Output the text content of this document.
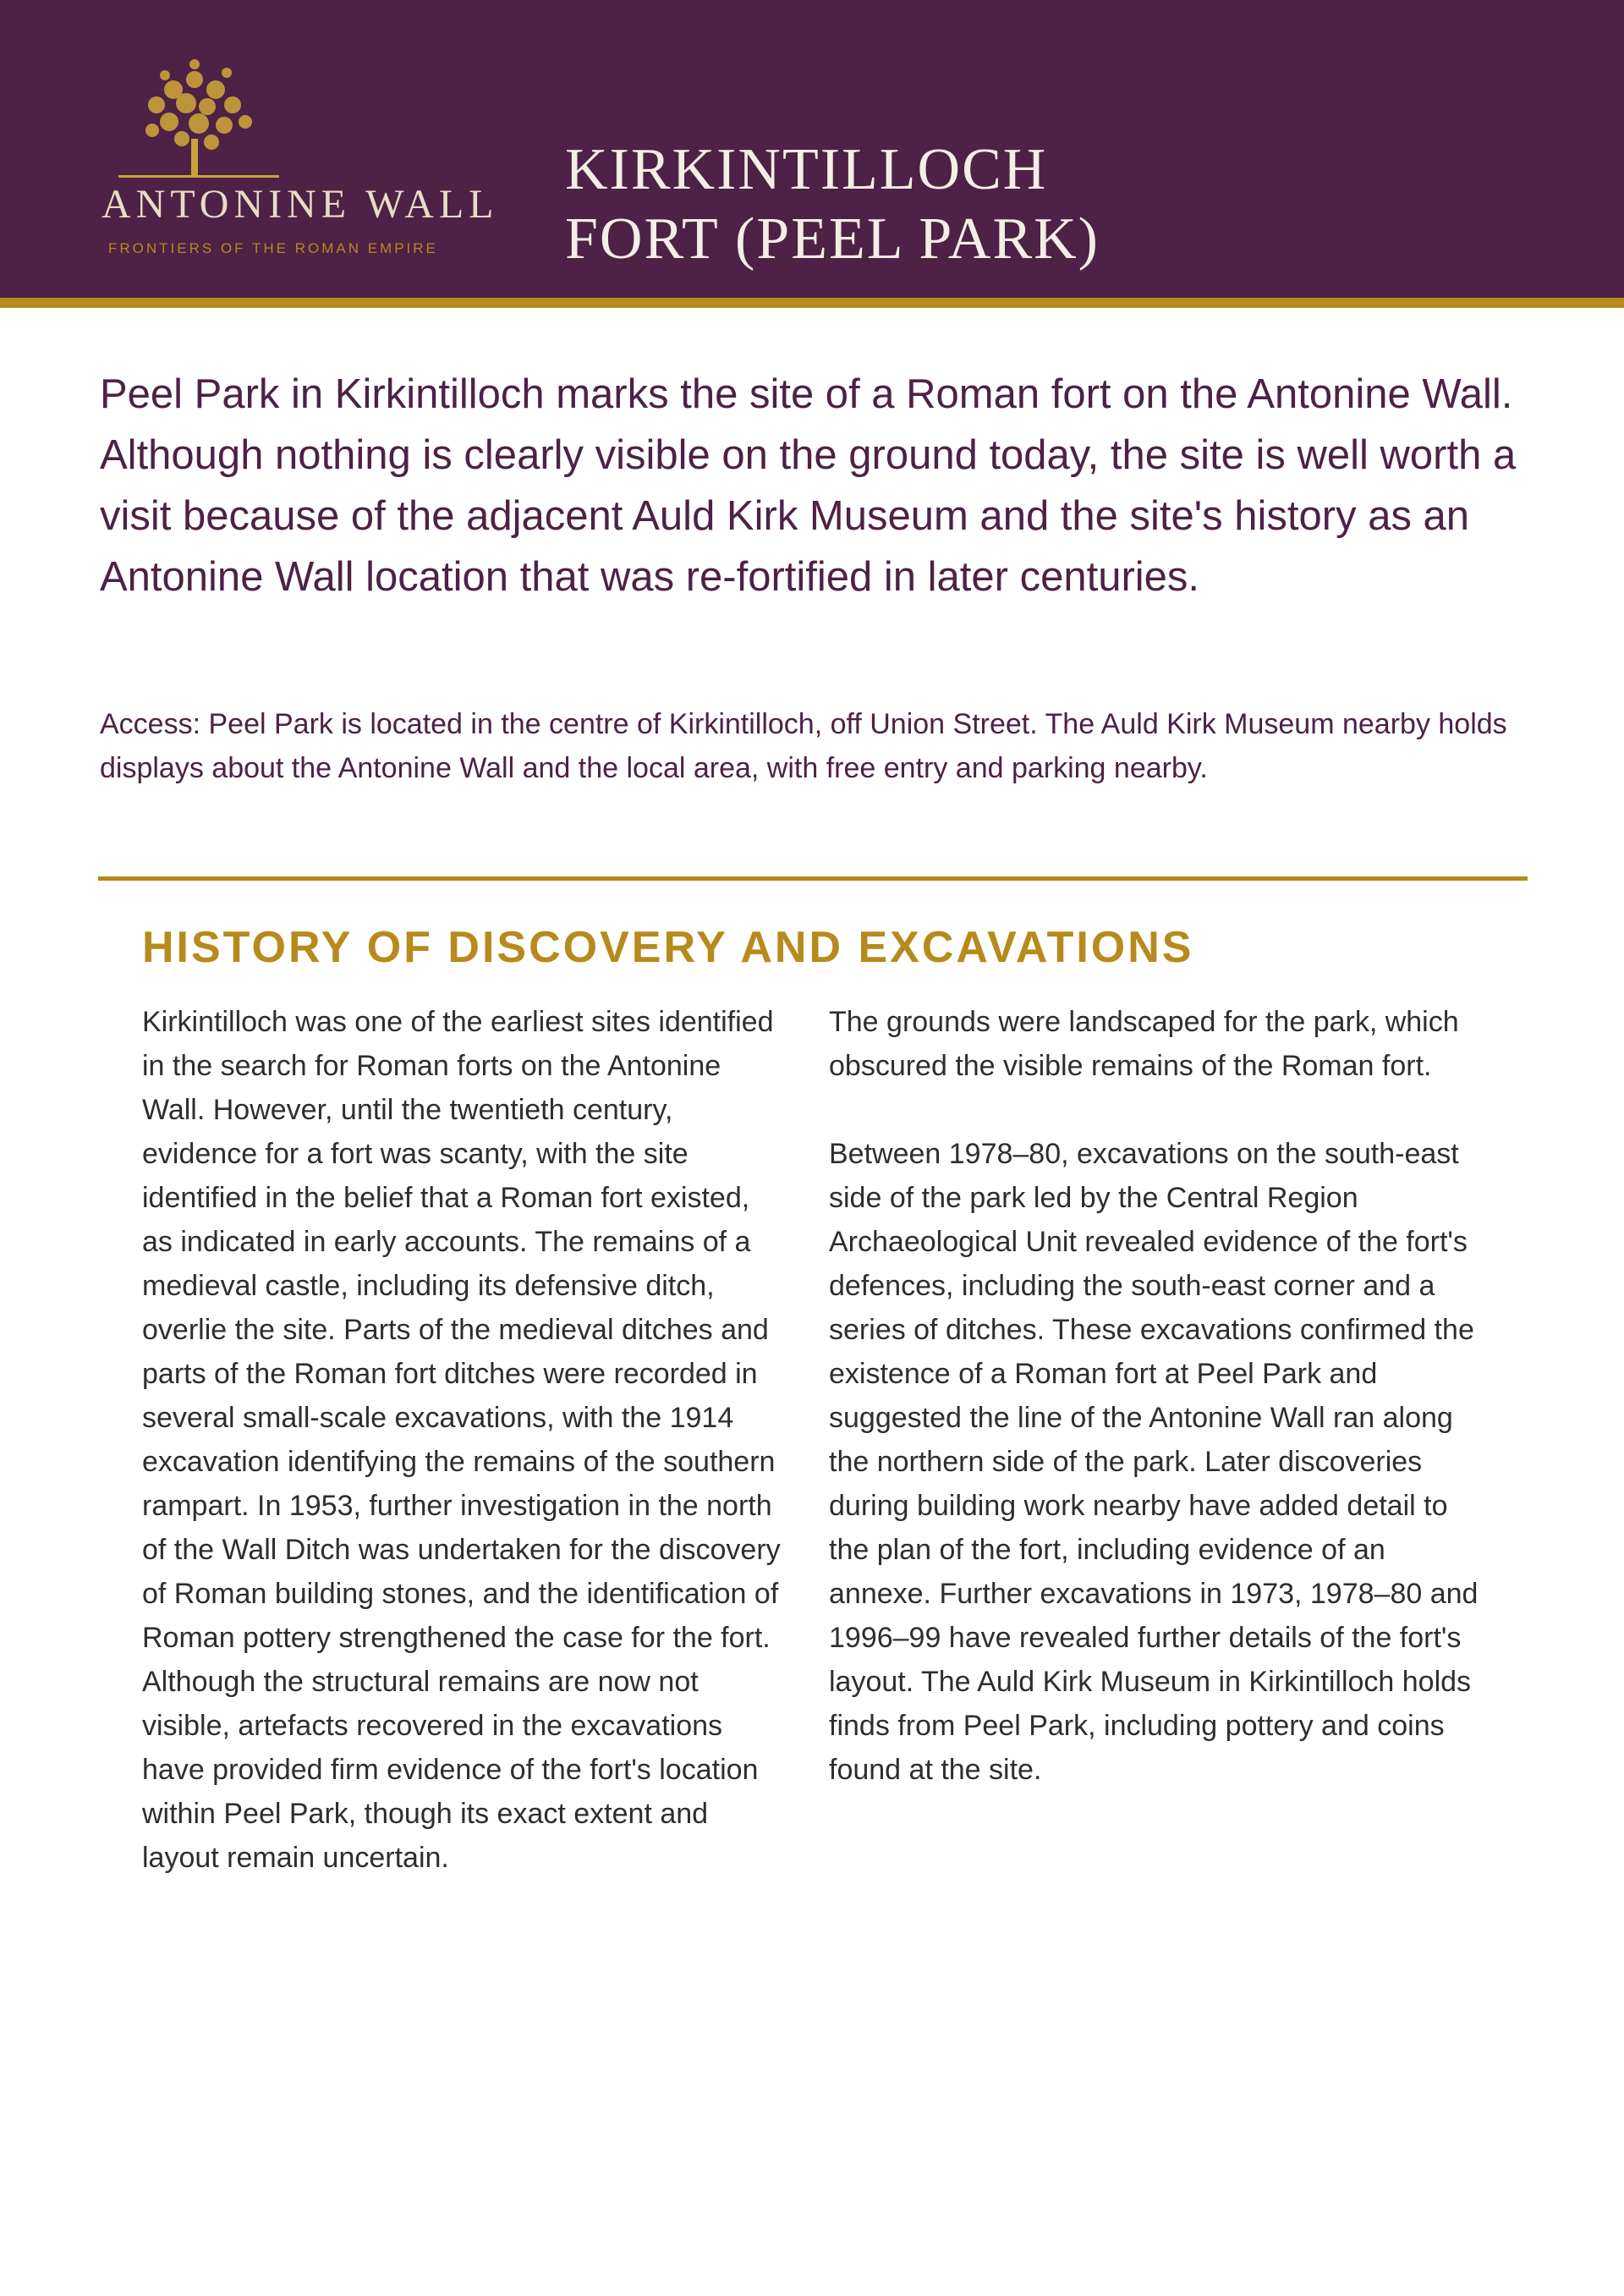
ANTONINE WALL
FRONTIERS OF THE ROMAN EMPIRE
KIRKINTILLOCH
FORT (PEEL PARK)

Peel Park in Kirkintilloch marks the site of a Roman fort on the Antonine Wall. Although nothing is clearly visible on the ground today, the site is well worth a visit because of the adjacent Auld Kirk Museum and the site's history as an Antonine Wall location that was re-fortified in later centuries.

Access: Peel Park is located in the centre of Kirkintilloch, off Union Street. The Auld Kirk Museum nearby holds displays about the Antonine Wall and the local area, with free entry and parking nearby.

HISTORY OF DISCOVERY AND EXCAVATIONS

Kirkintilloch was one of the earliest sites identified in the search for Roman forts on the Antonine Wall. However, until the twentieth century, evidence for a fort was scanty, with the site identified in the belief that a Roman fort existed, as indicated in early accounts. The remains of a medieval castle, including its defensive ditch, overlie the site. Parts of the medieval ditches and parts of the Roman fort ditches were recorded in several small-scale excavations, with the 1914 excavation identifying the remains of the southern rampart. In 1953, further investigation in the north of the Wall Ditch was undertaken for the discovery of Roman building stones, and the identification of Roman pottery strengthened the case for the fort. Although the structural remains are now not visible, artefacts recovered in the excavations have provided firm evidence of the fort's location within Peel Park, though its exact extent and layout remain uncertain.

The grounds were landscaped for the park, which obscured the visible remains of the Roman fort.

Between 1978–80, excavations on the south-east side of the park led by the Central Region Archaeological Unit revealed evidence of the fort's defences, including the south-east corner and a series of ditches. These excavations confirmed the existence of a Roman fort at Peel Park and suggested the line of the Antonine Wall ran along the northern side of the park. Later discoveries during building work nearby have added detail to the plan of the fort, including evidence of an annexe. Further excavations in 1973, 1978–80 and 1996–99 have revealed further details of the fort's layout. The Auld Kirk Museum in Kirkintilloch holds finds from Peel Park, including pottery and coins found at the site.
